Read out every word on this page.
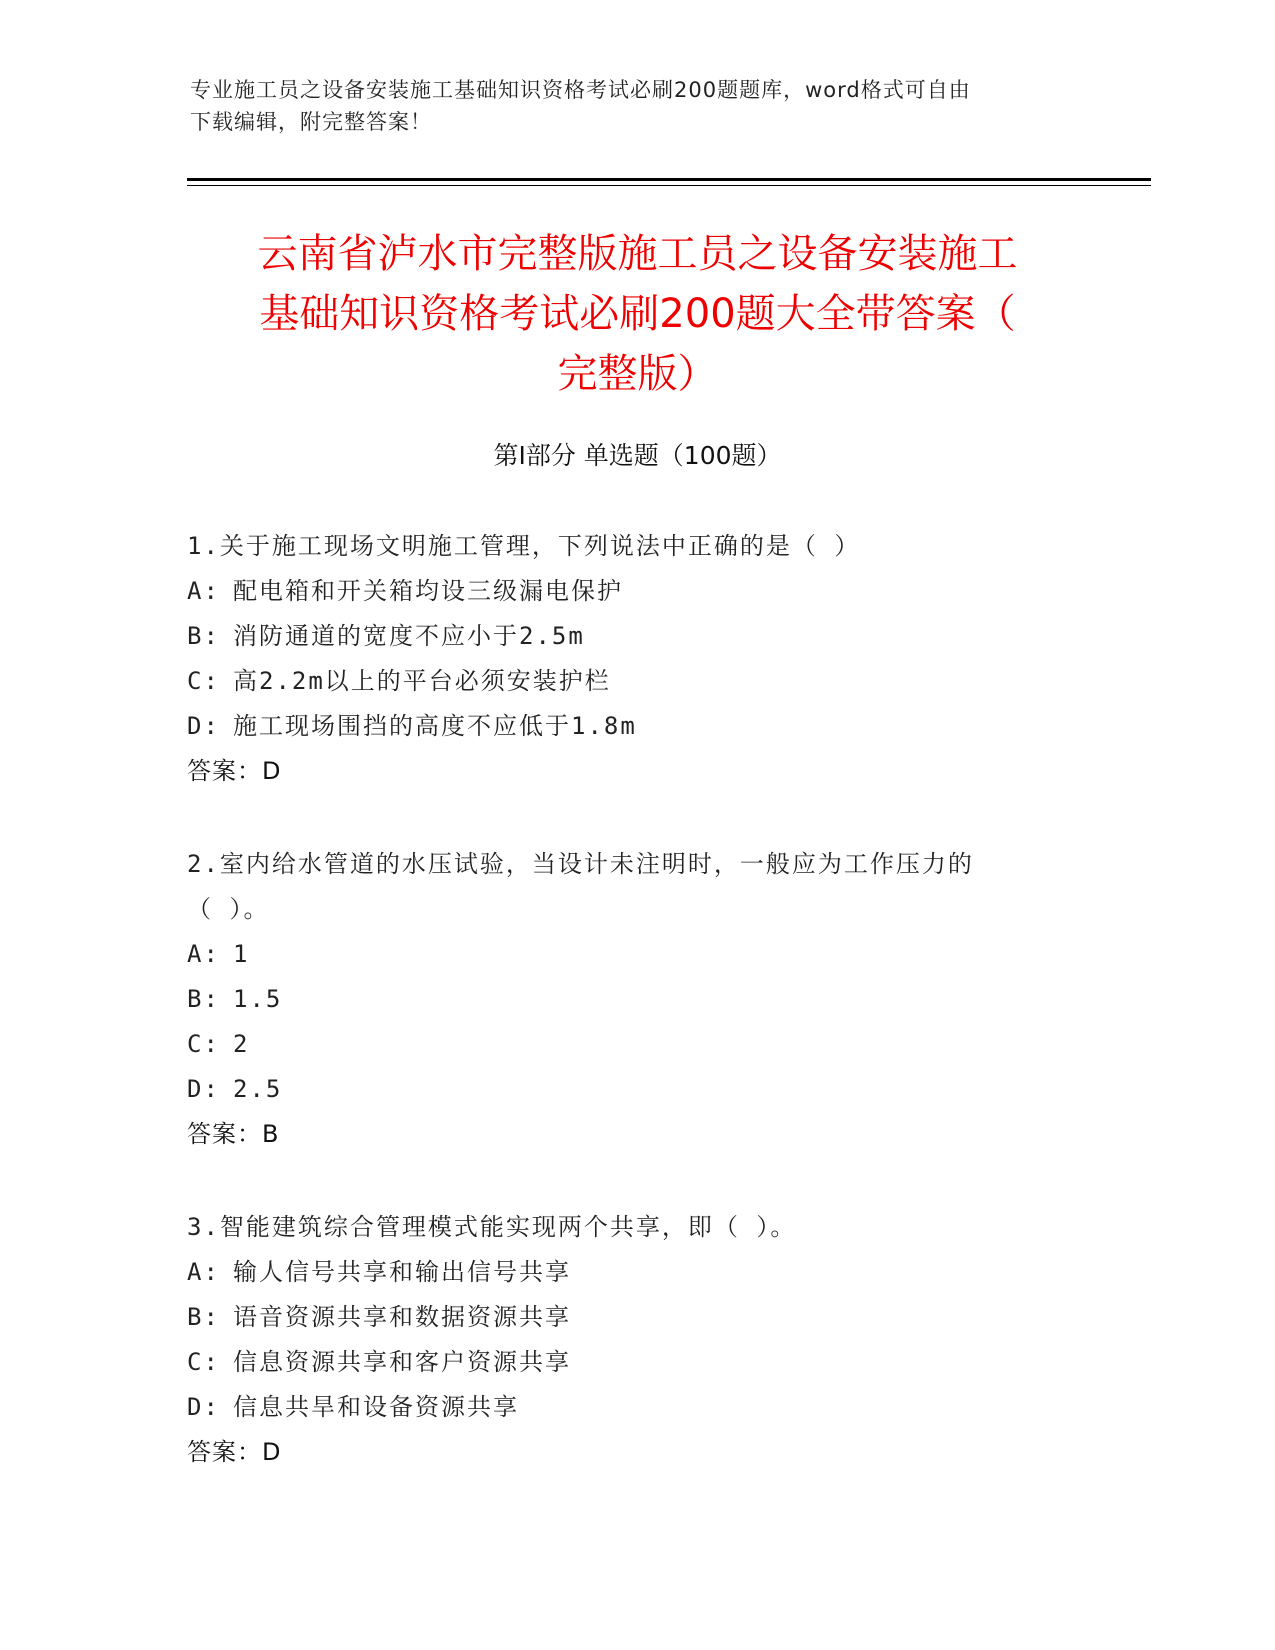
专业施工员之设备安装施工基础知识资格考试必刷200题题库，word格式可自由
下载编辑，附完整答案！
云南省泸水市完整版施工员之设备安装施工
基础知识资格考试必刷200题大全带答案（
完整版）
第Ⅰ部分 单选题（100题）
1.关于施工现场文明施工管理，下列说法中正确的是（ ）
A: 配电箱和开关箱均设三级漏电保护
B: 消防通道的宽度不应小于2.5m
C: 高2.2m以上的平台必须安装护栏
D: 施工现场围挡的高度不应低于1.8m
答案：D
2.室内给水管道的水压试验，当设计未注明时，一般应为工作压力的
（ ）。
A: 1
B: 1.5
C: 2
D: 2.5
答案：B
3.智能建筑综合管理模式能实现两个共享，即（ ）。
A: 输人信号共享和输出信号共享
B: 语音资源共享和数据资源共享
C: 信息资源共享和客户资源共享
D: 信息共旱和设备资源共享
答案：D
